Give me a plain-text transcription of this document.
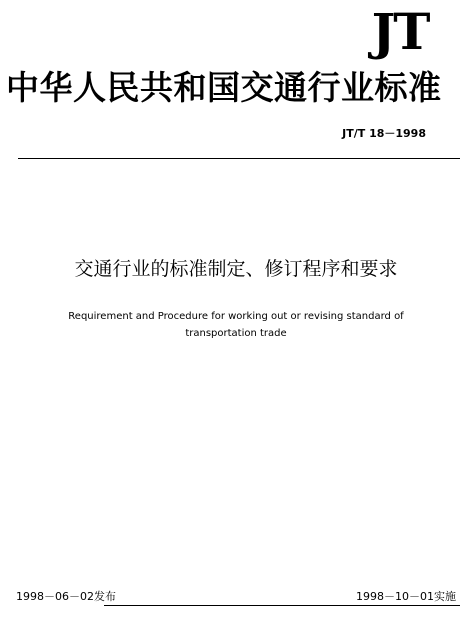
JT
中华人民共和国交通行业标准
JT/T 18－1998
交通行业的标准制定、修订程序和要求
Requirement and Procedure for working out or revising standard of
transportation trade
1998－06－02发布	1998－10－01实施
